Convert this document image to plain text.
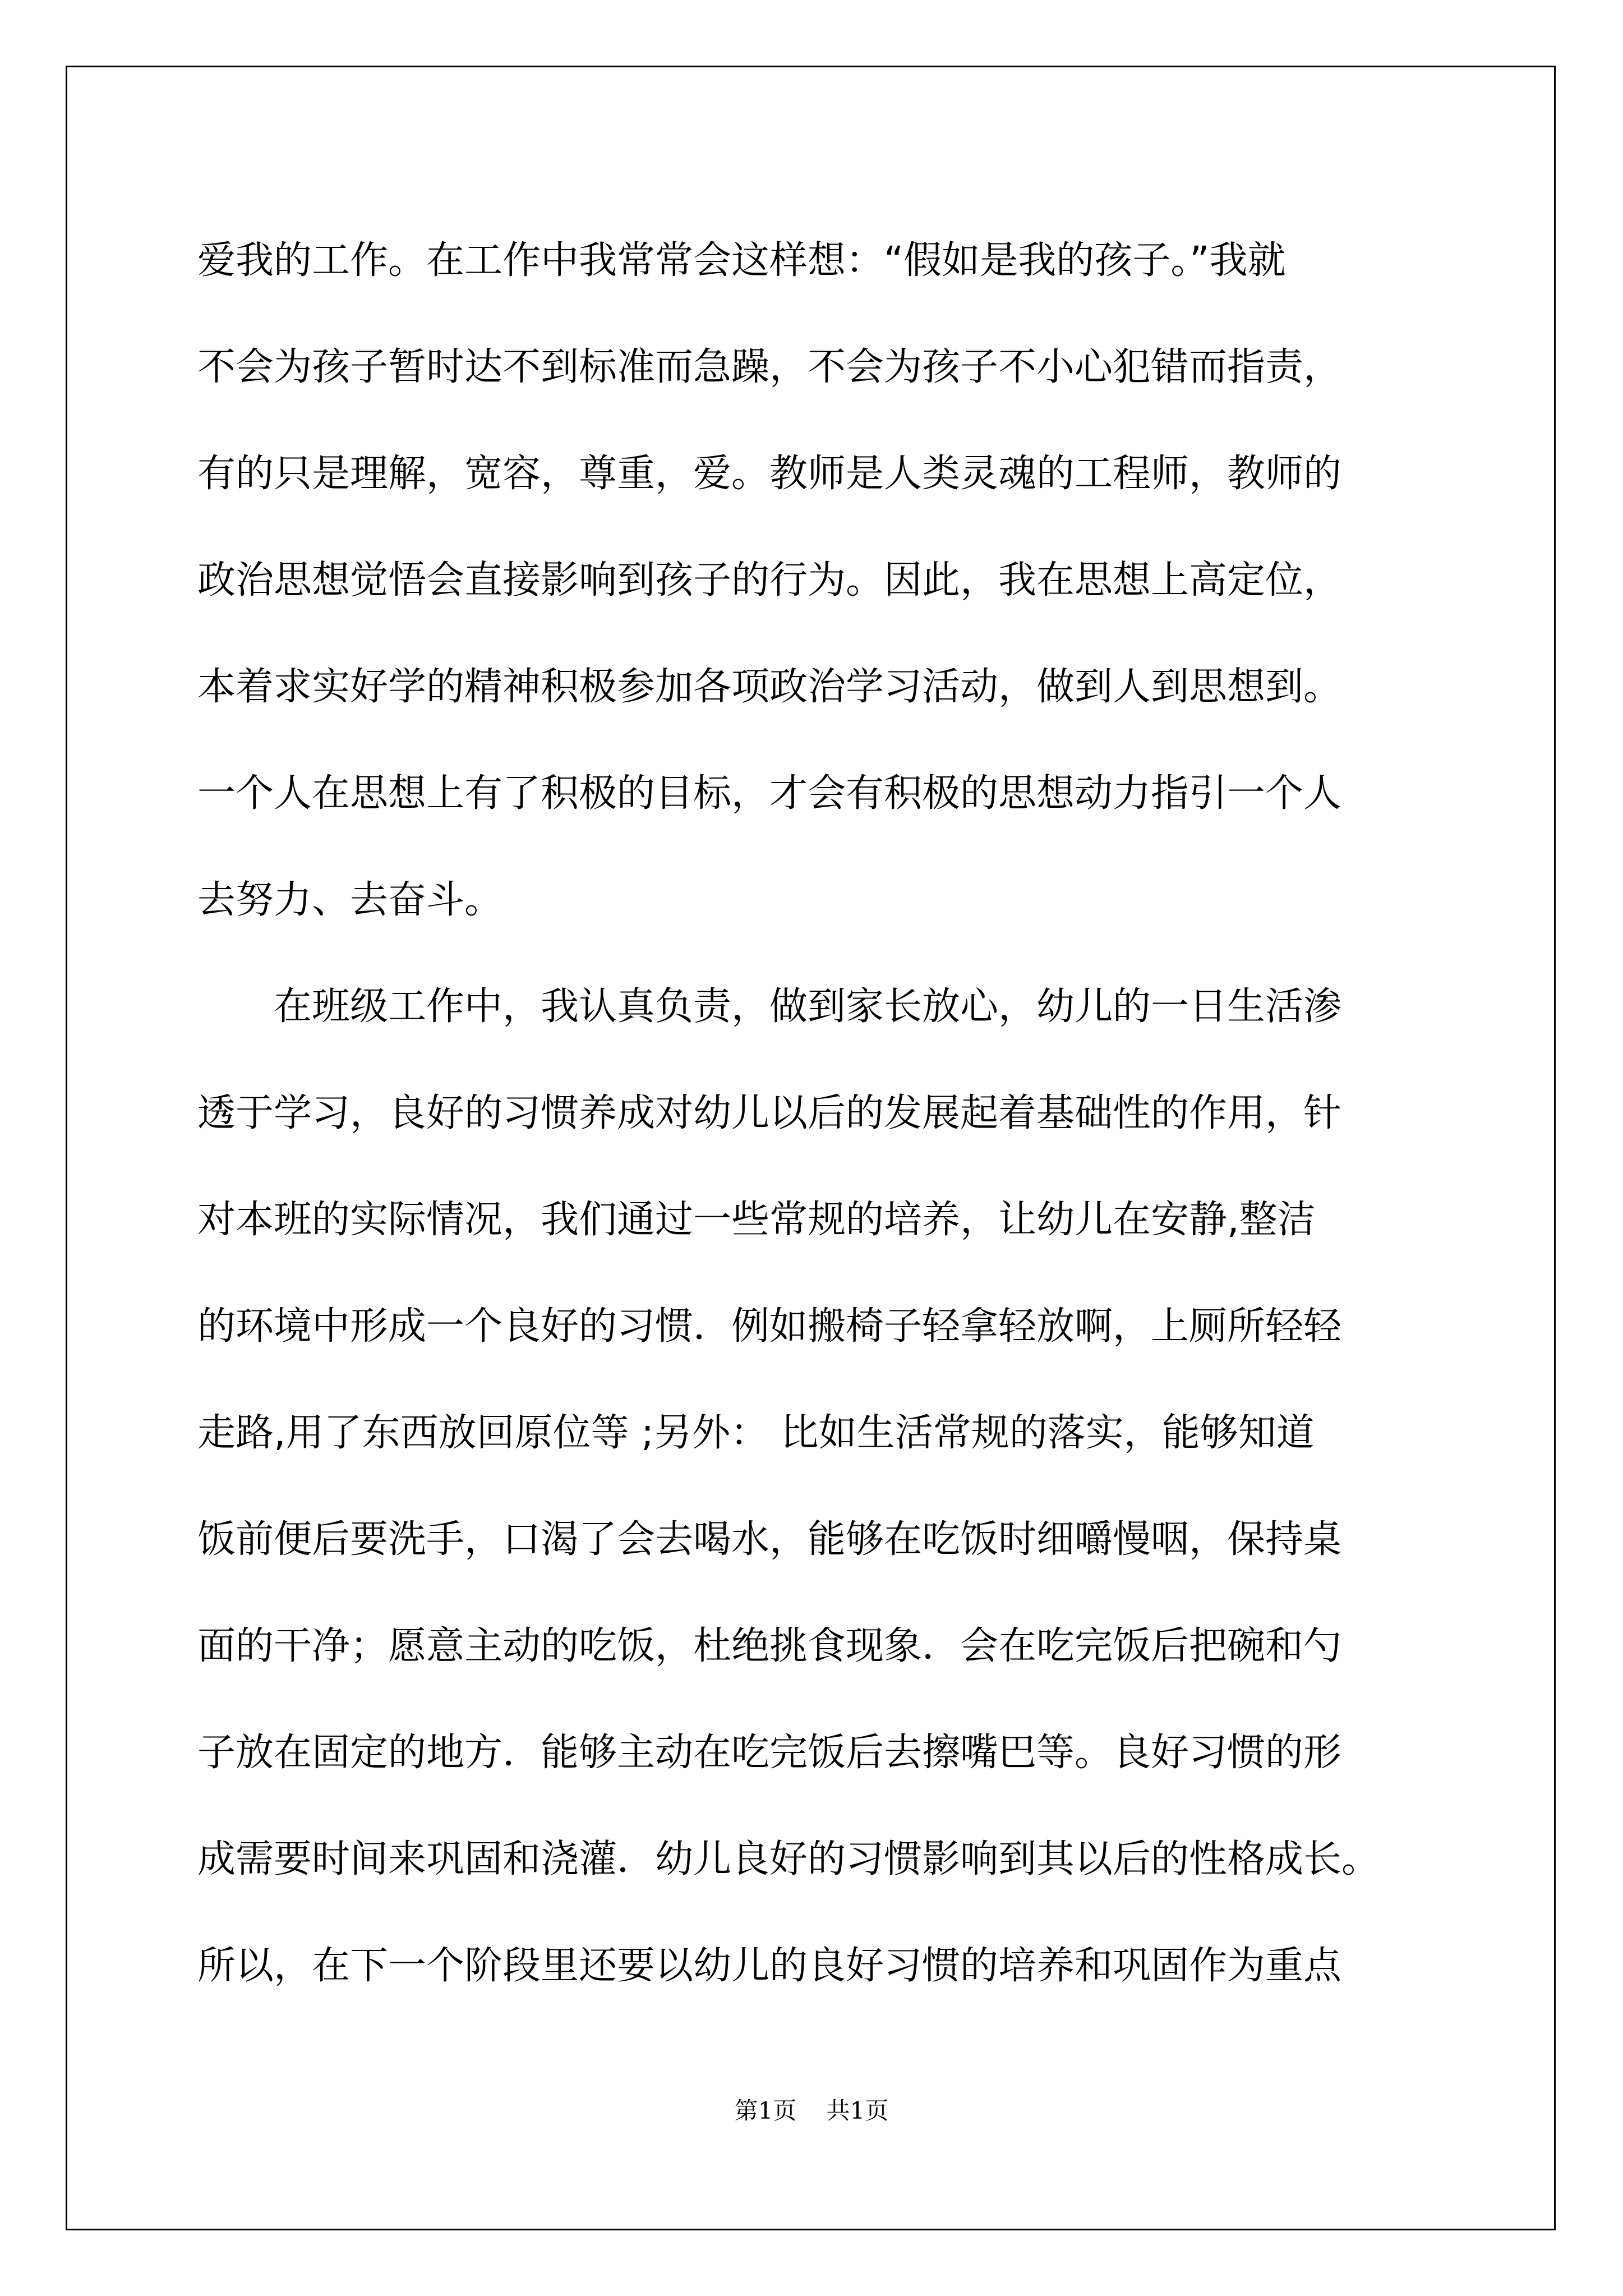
爱我的工作。在工作中我常常会这样想：“假如是我的孩子。”我就
不会为孩子暂时达不到标准而急躁，不会为孩子不小心犯错而指责，
有的只是理解，宽容，尊重，爱。教师是人类灵魂的工程师，教师的
政治思想觉悟会直接影响到孩子的行为。因此，我在思想上高定位，
本着求实好学的精神积极参加各项政治学习活动，做到人到思想到。
一个人在思想上有了积极的目标，才会有积极的思想动力指引一个人
去努力、去奋斗。
　　在班级工作中，我认真负责，做到家长放心，幼儿的一日生活渗
透于学习，良好的习惯养成对幼儿以后的发展起着基础性的作用，针
对本班的实际情况，我们通过一些常规的培养，让幼儿在安静,整洁
的环境中形成一个良好的习惯．例如搬椅子轻拿轻放啊，上厕所轻轻
走路,用了东西放回原位等 ;另外： 比如生活常规的落实，能够知道
饭前便后要洗手，口渴了会去喝水，能够在吃饭时细嚼慢咽，保持桌
面的干净；愿意主动的吃饭，杜绝挑食现象．会在吃完饭后把碗和勺
子放在固定的地方．能够主动在吃完饭后去擦嘴巴等。良好习惯的形
成需要时间来巩固和浇灌．幼儿良好的习惯影响到其以后的性格成长。
所以，在下一个阶段里还要以幼儿的良好习惯的培养和巩固作为重点
第1页 共1页
